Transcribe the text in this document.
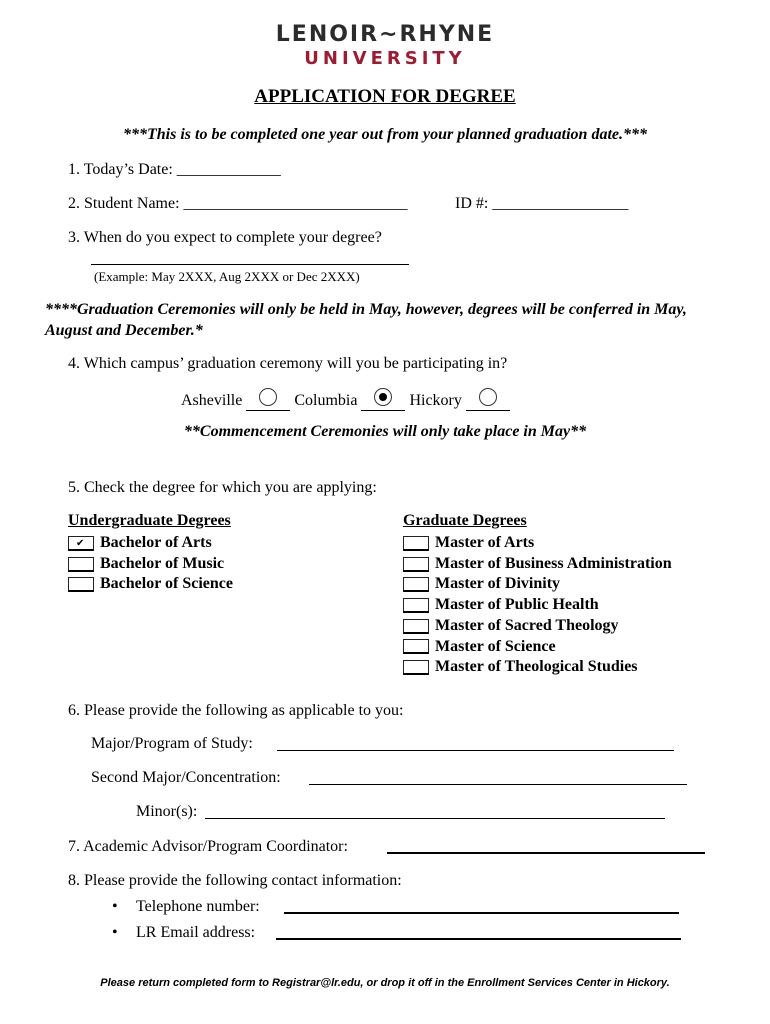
LENOIR~RHYNE
UNIVERSITY
APPLICATION FOR DEGREE
***This is to be completed one year out from your planned graduation date.***
1. Today’s Date: _____________
2. Student Name: ____________________________	ID #: _________________
3. When do you expect to complete your degree?
(Example: May 2XXX, Aug 2XXX or Dec 2XXX)
****Graduation Ceremonies will only be held in May, however, degrees will be conferred in May, August and December.*
4. Which campus’ graduation ceremony will you be participating in?
Asheville	Columbia	Hickory
**Commencement Ceremonies will only take place in May**
5. Check the degree for which you are applying:
Undergraduate Degrees
✔
Bachelor of Arts
Bachelor of Music
Bachelor of Science
Graduate Degrees
Master of Arts
Master of Business Administration
Master of Divinity
Master of Public Health
Master of Sacred Theology
Master of Science
Master of Theological Studies
6. Please provide the following as applicable to you:
Major/Program of Study:
Second Major/Concentration:
Minor(s):
7. Academic Advisor/Program Coordinator:
8. Please provide the following contact information:
• Telephone number:
• LR Email address:
Please return completed form to Registrar@lr.edu, or drop it off in the Enrollment Services Center in Hickory.
